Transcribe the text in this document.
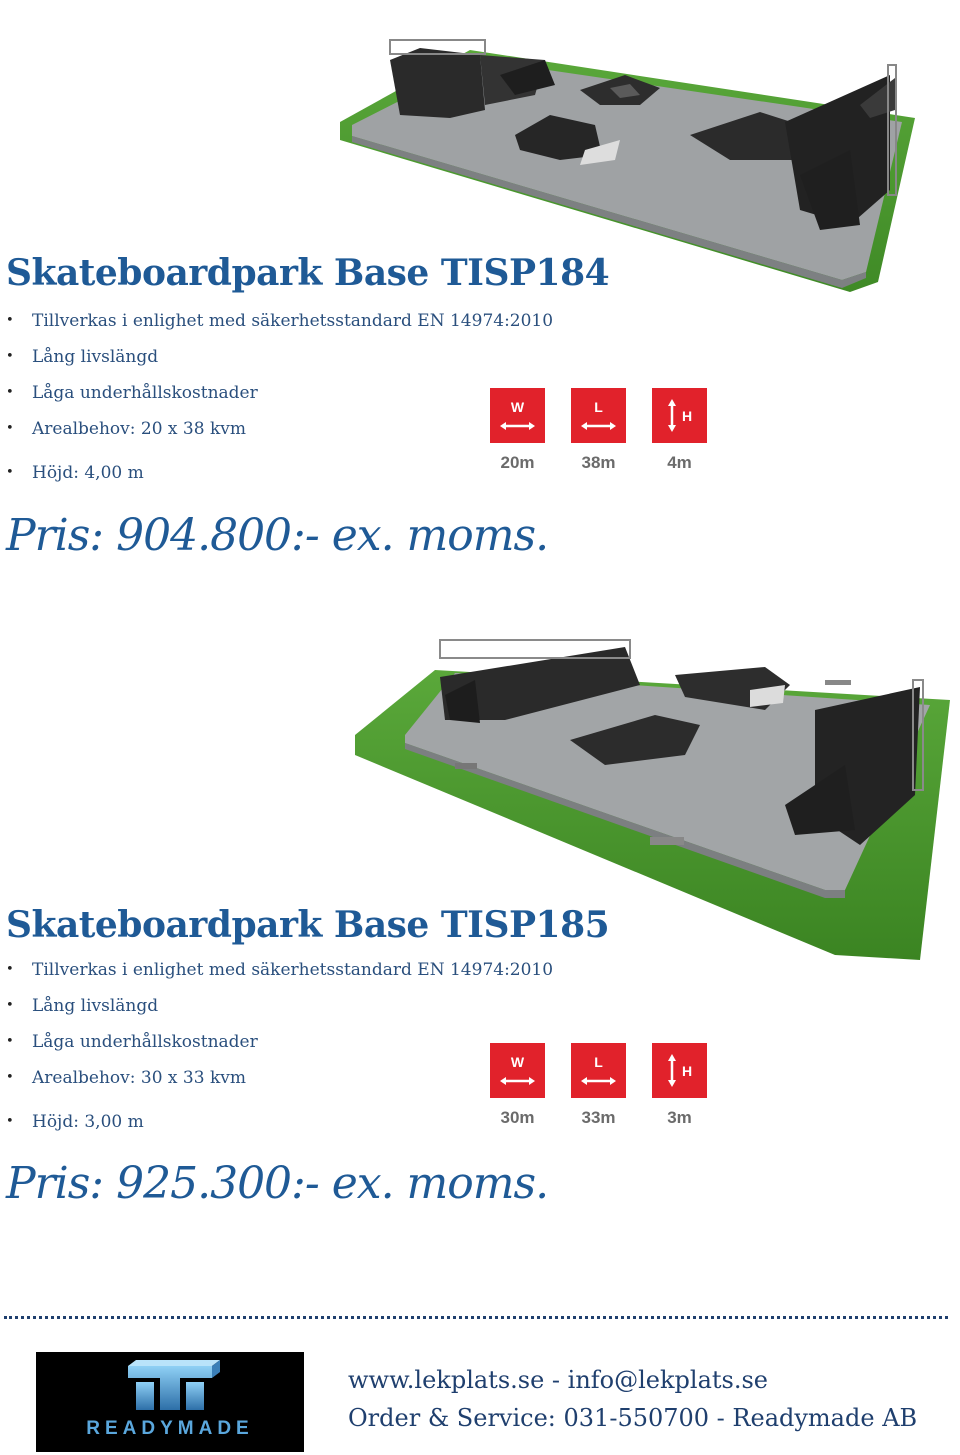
Skateboardpark Base TISP184
• Tillverkas i enlighet med säkerhetsstandard EN 14974:2010
• Lång livslängd
• Låga underhållskostnader
• Arealbehov: 20 x 38 kvm
• Höjd: 4,00 m
W
20m
L
38m
H
4m
Pris: 904.800:- ex. moms.
Skateboardpark Base TISP185
• Tillverkas i enlighet med säkerhetsstandard EN 14974:2010
• Lång livslängd
• Låga underhållskostnader
• Arealbehov: 30 x 33 kvm
• Höjd: 3,00 m
W
30m
L
33m
H
3m
Pris: 925.300:- ex. moms.
READYMADE
www.lekplats.se - info@lekplats.se
Order & Service: 031-550700 - Readymade AB
